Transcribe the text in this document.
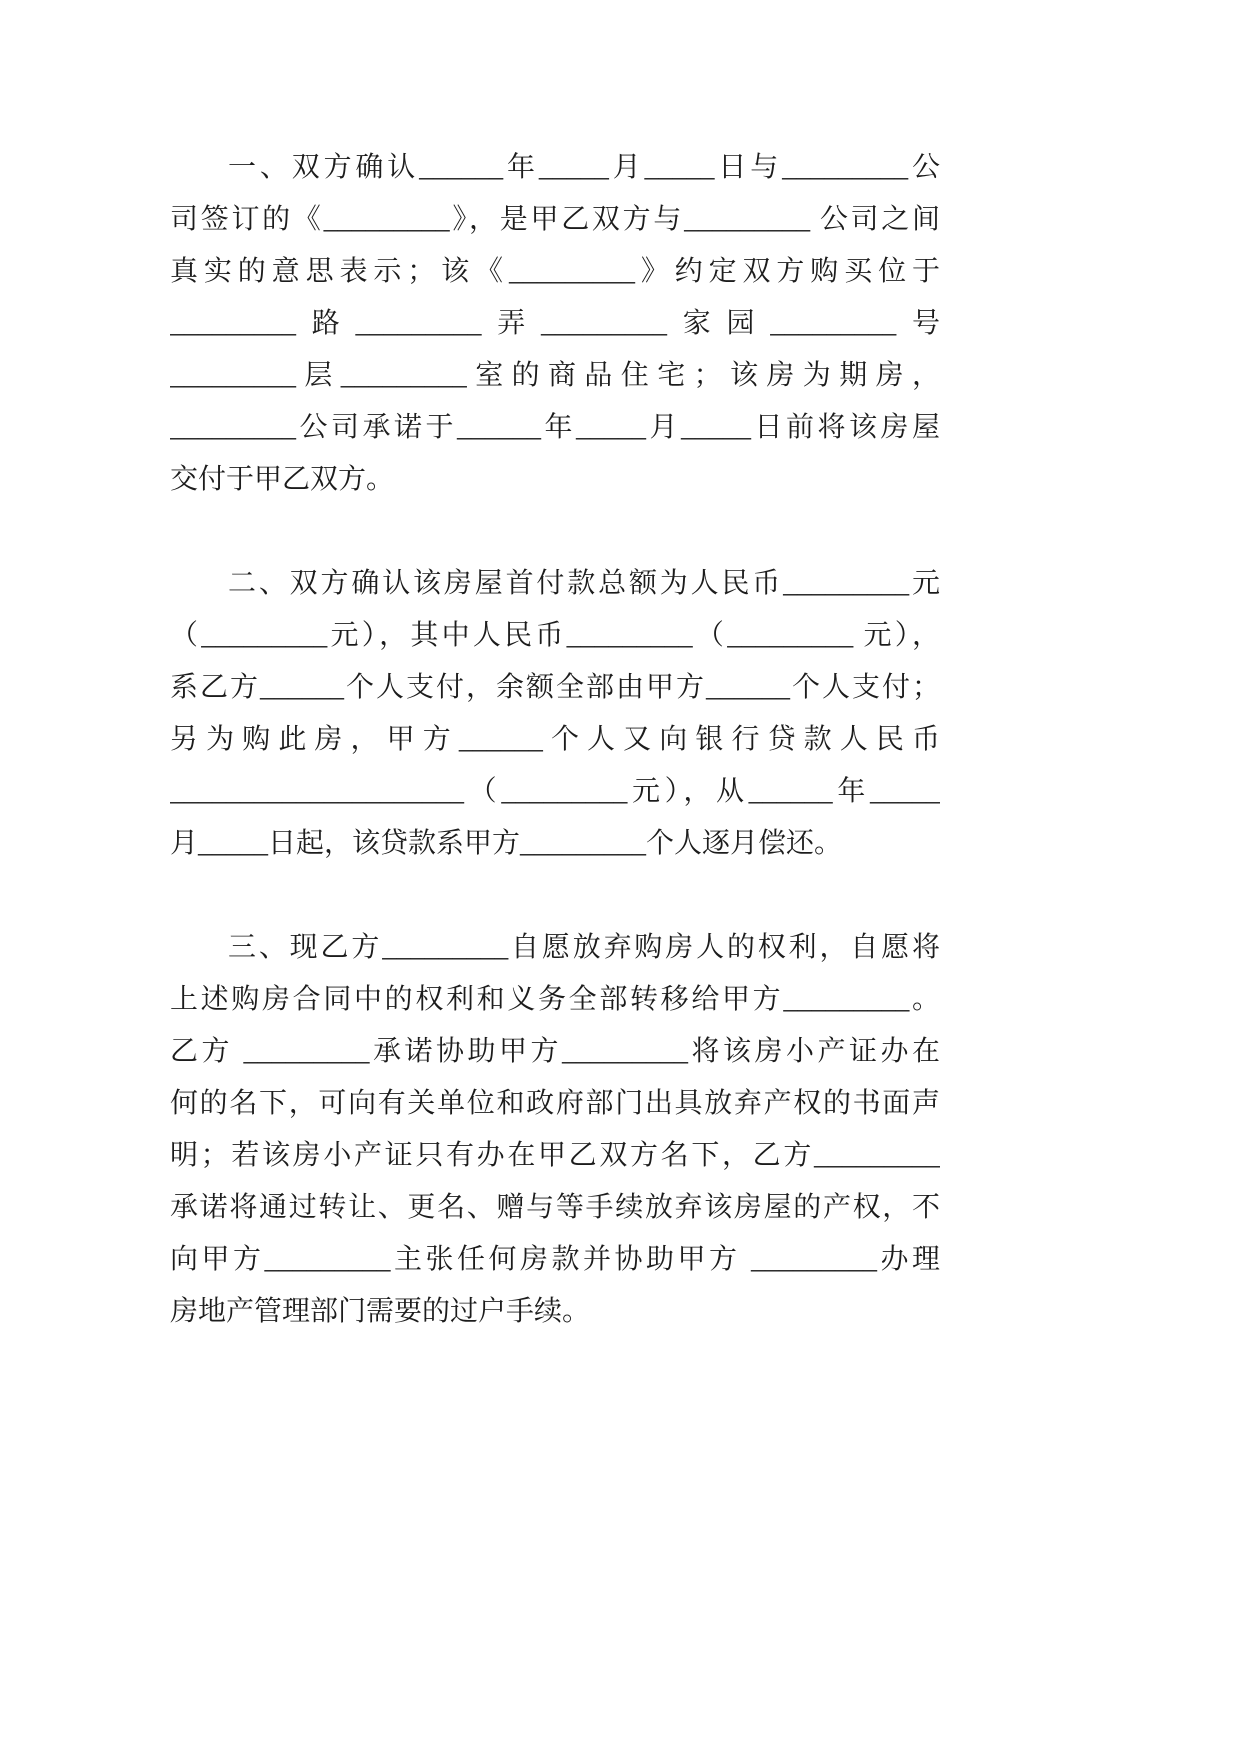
一、双方确认______年_____月_____日与_________公
司签订的《_________》，是甲乙双方与_________ 公司之间
真实的意思表示；该《_________》约定双方购买位于
_________路_________弄_________家园_________号
_________层_________室的商品住宅；该房为期房，
_________公司承诺于______年_____月_____日前将该房屋
交付于甲乙双方。
二、双方确认该房屋首付款总额为人民币_________元
（_________元），其中人民币_________（_________ 元），
系乙方______个人支付，余额全部由甲方______个人支付；
另为购此房，甲方______个人又向银行贷款人民币
_____________________（_________元），从______年_____
月_____日起，该贷款系甲方_________个人逐月偿还。
三、现乙方_________自愿放弃购房人的权利，自愿将
上述购房合同中的权利和义务全部转移给甲方_________。
乙方 _________承诺协助甲方_________将该房小产证办在
何的名下，可向有关单位和政府部门出具放弃产权的书面声
明；若该房小产证只有办在甲乙双方名下，乙方_________
承诺将通过转让、更名、赠与等手续放弃该房屋的产权，不
向甲方_________主张任何房款并协助甲方 _________办理
房地产管理部门需要的过户手续。
